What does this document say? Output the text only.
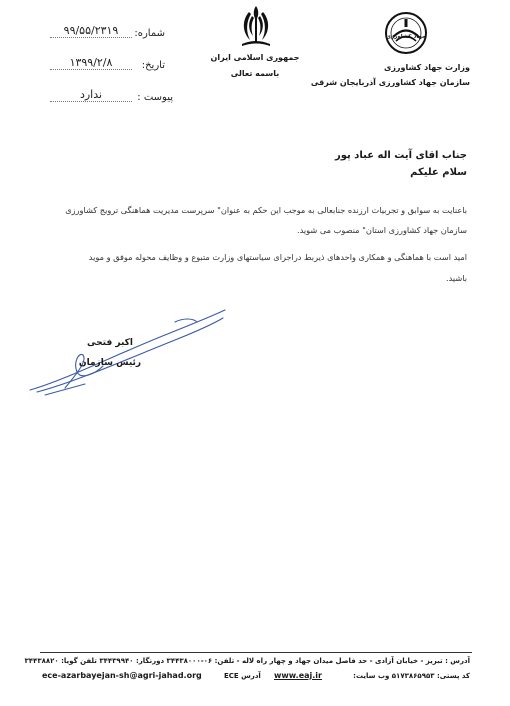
شماره:
۹۹/۵۵/۲۳۱۹
تاریخ:
۱۳۹۹/۲/۸
پیوست :
ندارد
جمهوری اسلامی ایران
باسمه تعالی
جهاد کشاورزی
وزارت جهاد کشاورزی
سازمان جهاد کشاورزی آذربایجان شرقی
جناب اقای آیت اله عباد پور
سلام علیکم
باعنایت به سوابق و تجربیات ارزنده جنابعالی به موجب این حکم به عنوان" سرپرست مدیریت هماهنگی ترویج کشاورزی
سازمان جهاد کشاورزی استان" منصوب می شوید.
امید است با هماهنگی و همکاری واحدهای ذیربط دراجرای سیاستهای وزارت متبوع و وظایف محوله موفق و موید
باشید.
اکبر فتحی
رئیس سازمان
آدرس : تبریز - خیابان آزادی - حد فاصل میدان جهاد و چهار راه لاله - تلفن: ۰۶-۳۴۴۳۸۰۰۰ دورنگار: ۳۴۴۳۹۹۴۰ تلفن گویا: ۳۴۴۳۸۸۲۰
کد پستی: ۵۱۷۳۸۶۵۹۵۳ وب سایت:
www.eaj.ir
آدرس ECE
ece-azarbayejan-sh@agri-jahad.org
